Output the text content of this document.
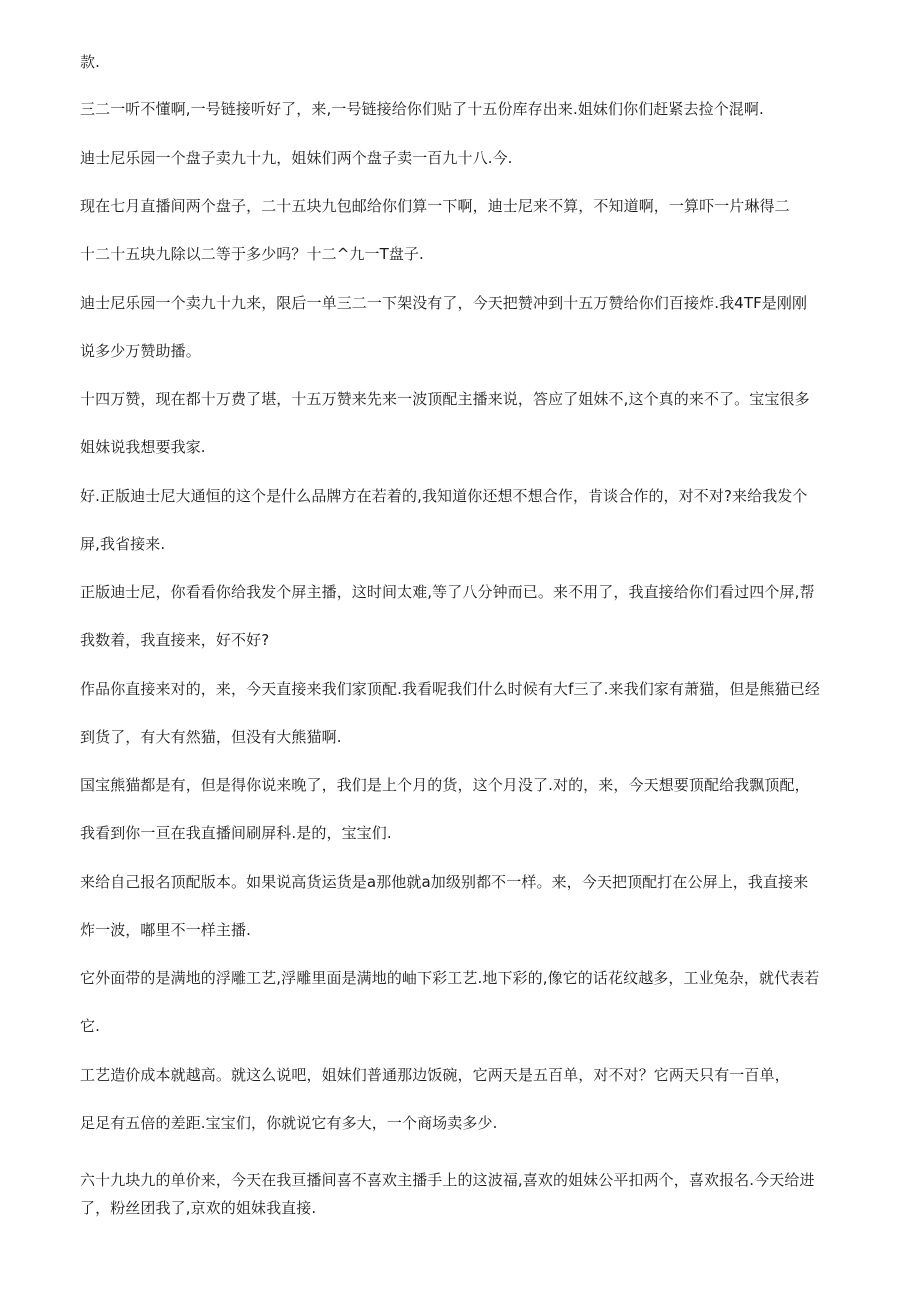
款.
三二一听不懂啊,一号链接听好了，来,一号链接给你们贴了十五份库存出来.姐妹们你们赶紧去捡个混啊.
迪士尼乐园一个盘子卖九十九，姐妹们两个盘子卖一百九十八.今.
现在七月直播间两个盘子，二十五块九包邮给你们算一下啊，迪士尼来不算，不知道啊，一算吓一片琳得二
十二十五块九除以二等于多少吗？十二^九一T盘子.
迪士尼乐园一个卖九十九来，限后一单三二一下架没有了，今天把赞冲到十五万赞给你们百接炸.我4TF是刚刚
说多少万赞助播。
十四万赞，现在都十万费了堪，十五万赞来先来一波顶配主播来说，答应了姐妹不,这个真的来不了。宝宝很多
姐妹说我想要我家.
好.正版迪士尼大通恒的这个是什么品牌方在若着的,我知道你还想不想合作，肯谈合作的，对不对?来给我发个
屏,我省接来.
正版迪士尼，你看看你给我发个屏主播，这时间太难,等了八分钟而已。来不用了，我直接给你们看过四个屏,帮
我数着，我直接来，好不好?
作品你直接来对的，来，今天直接来我们家顶配.我看呢我们什么时候有大f三了.来我们家有萧猫，但是熊猫已经
到货了，有大有然猫，但没有大熊猫啊.
国宝熊猫都是有，但是得你说来晚了，我们是上个月的货，这个月没了.对的，来，今天想要顶配给我飘顶配，
我看到你一亘在我直播间刷屏科.是的，宝宝们.
来给自己报名顶配版本。如果说高货运货是a那他就a加级别都不一样。来，今天把顶配打在公屏上，我直接来
炸一波，嘟里不一样主播.
它外面带的是满地的浮雕工艺,浮雕里面是满地的岫下彩工艺.地下彩的,像它的话花纹越多，工业兔杂，就代表若
它.
工艺造价成本就越高。就这么说吧，姐妹们普通那边饭碗，它两天是五百单，对不对？它两天只有一百单，
足足有五倍的差距.宝宝们，你就说它有多大，一个商场卖多少.
六十九块九的单价来，今天在我亘播间喜不喜欢主播手上的这波福,喜欢的姐妹公平扣两个，喜欢报名.今天给进
了，粉丝团我了,京欢的姐妹我直接.
